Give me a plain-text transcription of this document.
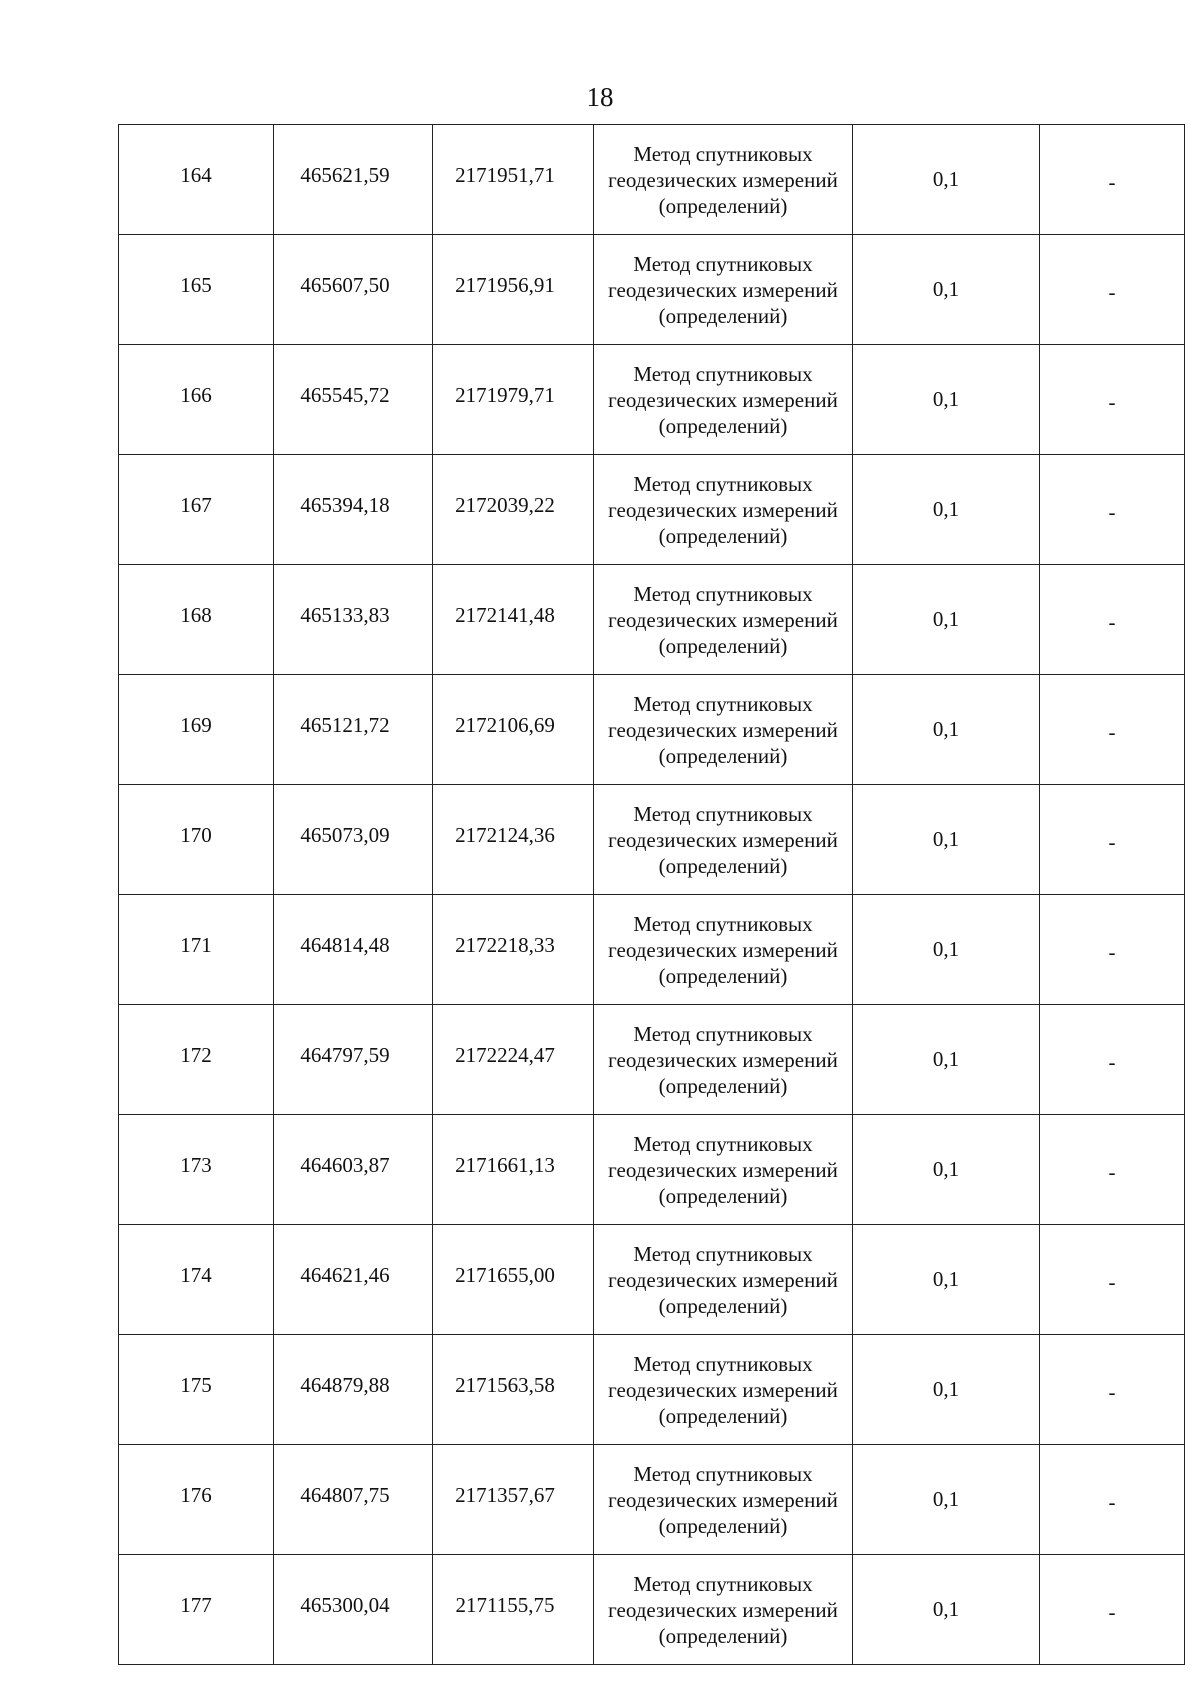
18
164	465621,59	2171951,71	Метод спутниковых
геодезических измерений
(определений)	0,1	-
165	465607,50	2171956,91	Метод спутниковых
геодезических измерений
(определений)	0,1	-
166	465545,72	2171979,71	Метод спутниковых
геодезических измерений
(определений)	0,1	-
167	465394,18	2172039,22	Метод спутниковых
геодезических измерений
(определений)	0,1	-
168	465133,83	2172141,48	Метод спутниковых
геодезических измерений
(определений)	0,1	-
169	465121,72	2172106,69	Метод спутниковых
геодезических измерений
(определений)	0,1	-
170	465073,09	2172124,36	Метод спутниковых
геодезических измерений
(определений)	0,1	-
171	464814,48	2172218,33	Метод спутниковых
геодезических измерений
(определений)	0,1	-
172	464797,59	2172224,47	Метод спутниковых
геодезических измерений
(определений)	0,1	-
173	464603,87	2171661,13	Метод спутниковых
геодезических измерений
(определений)	0,1	-
174	464621,46	2171655,00	Метод спутниковых
геодезических измерений
(определений)	0,1	-
175	464879,88	2171563,58	Метод спутниковых
геодезических измерений
(определений)	0,1	-
176	464807,75	2171357,67	Метод спутниковых
геодезических измерений
(определений)	0,1	-
177	465300,04	2171155,75	Метод спутниковых
геодезических измерений
(определений)	0,1	-
